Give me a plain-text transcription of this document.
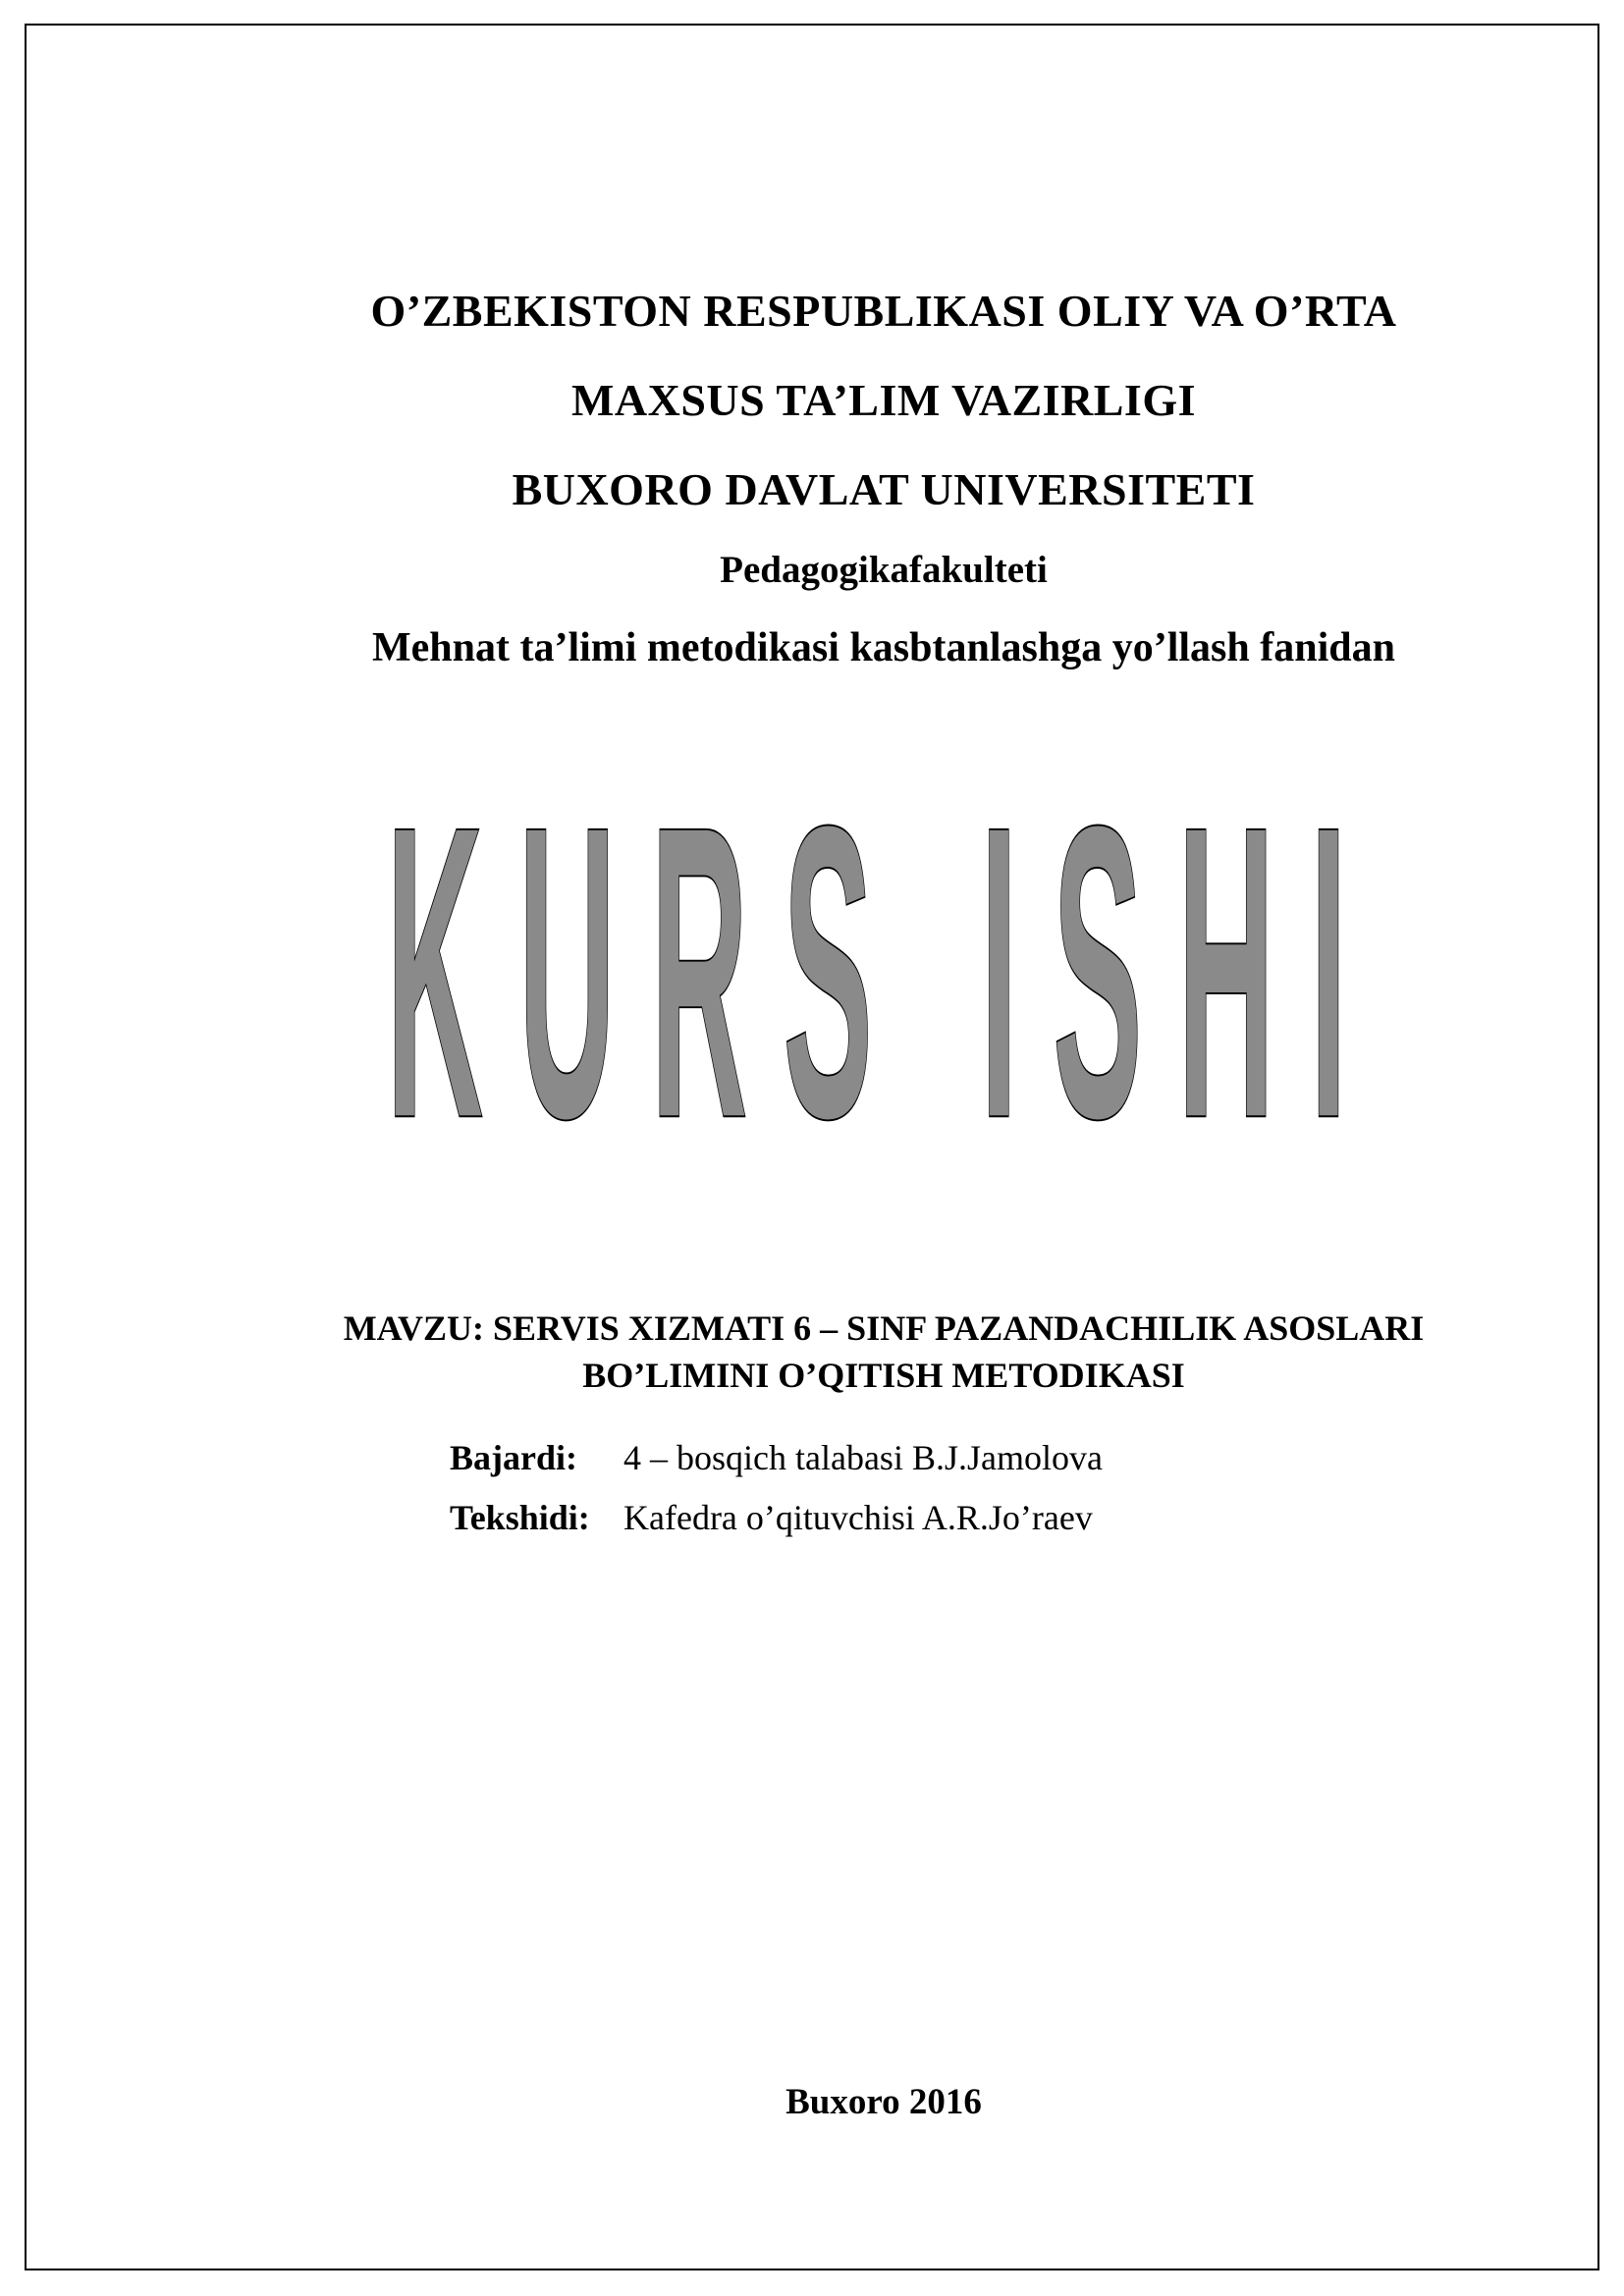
O’ZBEKISTON RESPUBLIKASI OLIY VA O’RTA
MAXSUS TA’LIM VAZIRLIGI
BUXORO DAVLAT UNIVERSITETI
Pedagogikafakulteti
Mehnat ta’limi metodikasi kasbtanlashga yo’llash fanidan
KURS ISHI
MAVZU: SERVIS XIZMATI 6 – SINF PAZANDACHILIK ASOSLARI
BO’LIMINI O’QITISH METODIKASI
Bajardi: 4 – bosqich talabasi B.J.Jamolova
Tekshidi: Kafedra o’qituvchisi A.R.Jo’raev
Buxoro 2016
